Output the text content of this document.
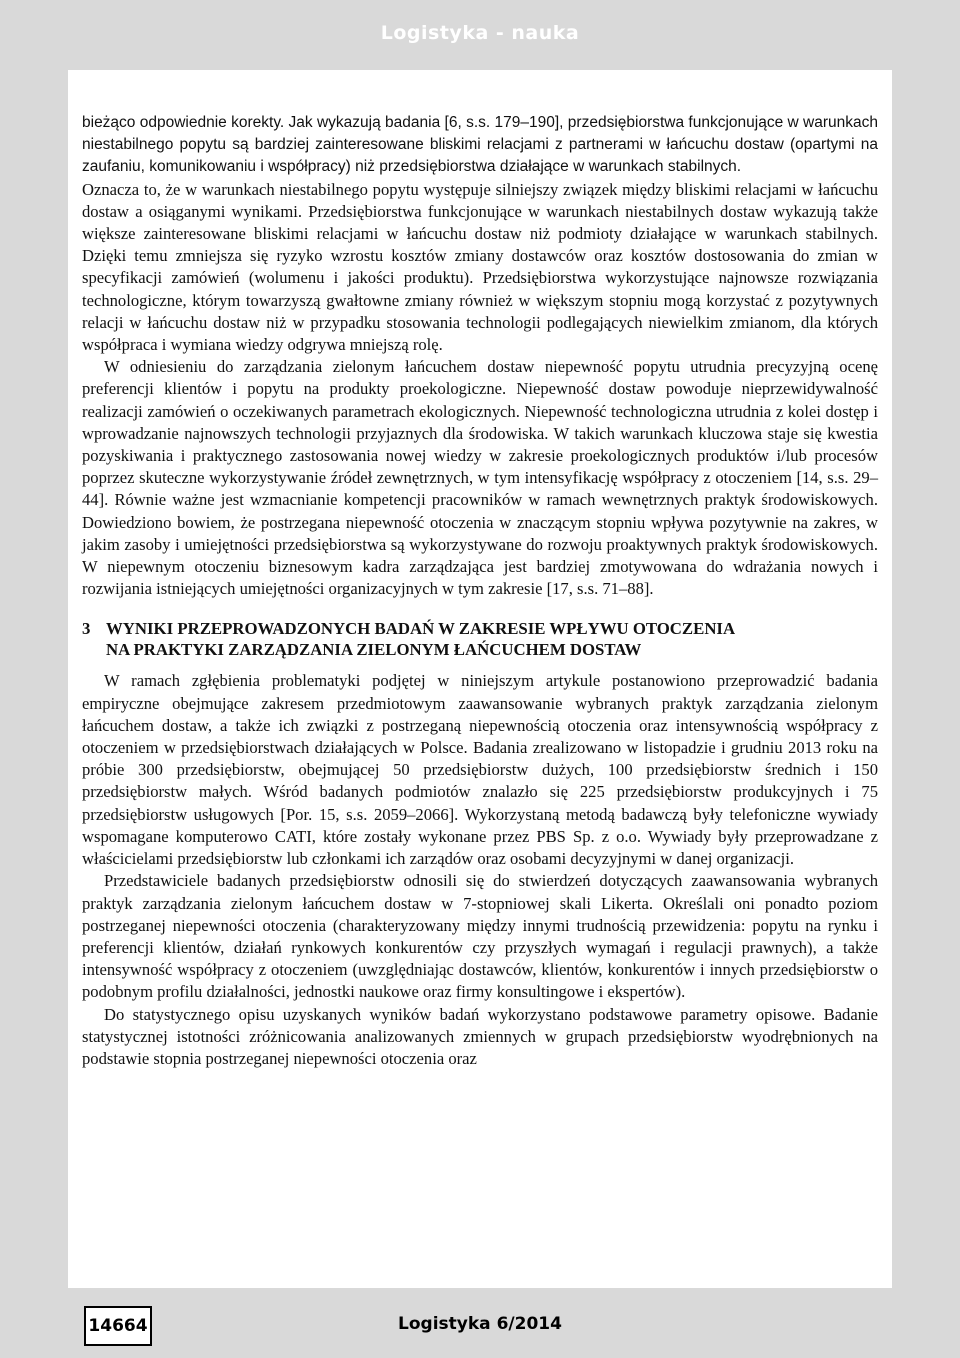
Logistyka - nauka

bieżąco odpowiednie korekty. Jak wykazują badania [6, s.s. 179–190], przedsiębiorstwa funkcjonujące w warunkach niestabilnego popytu są bardziej zainteresowane bliskimi relacjami z partnerami w łańcuchu dostaw (opartymi na zaufaniu, komunikowaniu i współpracy) niż przedsiębiorstwa działające w warunkach stabilnych.

Oznacza to, że w warunkach niestabilnego popytu występuje silniejszy związek między bliskimi relacjami w łańcuchu dostaw a osiąganymi wynikami. Przedsiębiorstwa funkcjonujące w warunkach niestabilnych dostaw wykazują także większe zainteresowane bliskimi relacjami w łańcuchu dostaw niż podmioty działające w warunkach stabilnych. Dzięki temu zmniejsza się ryzyko wzrostu kosztów zmiany dostawców oraz kosztów dostosowania do zmian w specyfikacji zamówień (wolumenu i jakości produktu). Przedsiębiorstwa wykorzystujące najnowsze rozwiązania technologiczne, którym towarzyszą gwałtowne zmiany również w większym stopniu mogą korzystać z pozytywnych relacji w łańcuchu dostaw niż w przypadku stosowania technologii podlegających niewielkim zmianom, dla których współpraca i wymiana wiedzy odgrywa mniejszą rolę.

W odniesieniu do zarządzania zielonym łańcuchem dostaw niepewność popytu utrudnia precyzyjną ocenę preferencji klientów i popytu na produkty proekologiczne. Niepewność dostaw powoduje nieprzewidywalność realizacji zamówień o oczekiwanych parametrach ekologicznych. Niepewność technologiczna utrudnia z kolei dostęp i wprowadzanie najnowszych technologii przyjaznych dla środowiska. W takich warunkach kluczowa staje się kwestia pozyskiwania i praktycznego zastosowania nowej wiedzy w zakresie proekologicznych produktów i/lub procesów poprzez skuteczne wykorzystywanie źródeł zewnętrznych, w tym intensyfikację współpracy z otoczeniem [14, s.s. 29–44]. Równie ważne jest wzmacnianie kompetencji pracowników w ramach wewnętrznych praktyk środowiskowych. Dowiedziono bowiem, że postrzegana niepewność otoczenia w znaczącym stopniu wpływa pozytywnie na zakres, w jakim zasoby i umiejętności przedsiębiorstwa są wykorzystywane do rozwoju proaktywnych praktyk środowiskowych. W niepewnym otoczeniu biznesowym kadra zarządzająca jest bardziej zmotywowana do wdrażania nowych i rozwijania istniejących umiejętności organizacyjnych w tym zakresie [17, s.s. 71–88].

3 WYNIKI PRZEPROWADZONYCH BADAŃ W ZAKRESIE WPŁYWU OTOCZENIA
NA PRAKTYKI ZARZĄDZANIA ZIELONYM ŁAŃCUCHEM DOSTAW

W ramach zgłębienia problematyki podjętej w niniejszym artykule postanowiono przeprowadzić badania empiryczne obejmujące zakresem przedmiotowym zaawansowanie wybranych praktyk zarządzania zielonym łańcuchem dostaw, a także ich związki z postrzeganą niepewnością otoczenia oraz intensywnością współpracy z otoczeniem w przedsiębiorstwach działających w Polsce. Badania zrealizowano w listopadzie i grudniu 2013 roku na próbie 300 przedsiębiorstw, obejmującej 50 przedsiębiorstw dużych, 100 przedsiębiorstw średnich i 150 przedsiębiorstw małych. Wśród badanych podmiotów znalazło się 225 przedsiębiorstw produkcyjnych i 75 przedsiębiorstw usługowych [Por. 15, s.s. 2059–2066]. Wykorzystaną metodą badawczą były telefoniczne wywiady wspomagane komputerowo CATI, które zostały wykonane przez PBS Sp. z o.o. Wywiady były przeprowadzane z właścicielami przedsiębiorstw lub członkami ich zarządów oraz osobami decyzyjnymi w danej organizacji.

Przedstawiciele badanych przedsiębiorstw odnosili się do stwierdzeń dotyczących zaawansowania wybranych praktyk zarządzania zielonym łańcuchem dostaw w 7-stopniowej skali Likerta. Określali oni ponadto poziom postrzeganej niepewności otoczenia (charakteryzowany między innymi trudnością przewidzenia: popytu na rynku i preferencji klientów, działań rynkowych konkurentów czy przyszłych wymagań i regulacji prawnych), a także intensywność współpracy z otoczeniem (uwzględniając dostawców, klientów, konkurentów i innych przedsiębiorstw o podobnym profilu działalności, jednostki naukowe oraz firmy konsultingowe i ekspertów).

Do statystycznego opisu uzyskanych wyników badań wykorzystano podstawowe parametry opisowe. Badanie statystycznej istotności zróżnicowania analizowanych zmiennych w grupach przedsiębiorstw wyodrębnionych na podstawie stopnia postrzeganej niepewności otoczenia oraz

14664	Logistyka 6/2014
